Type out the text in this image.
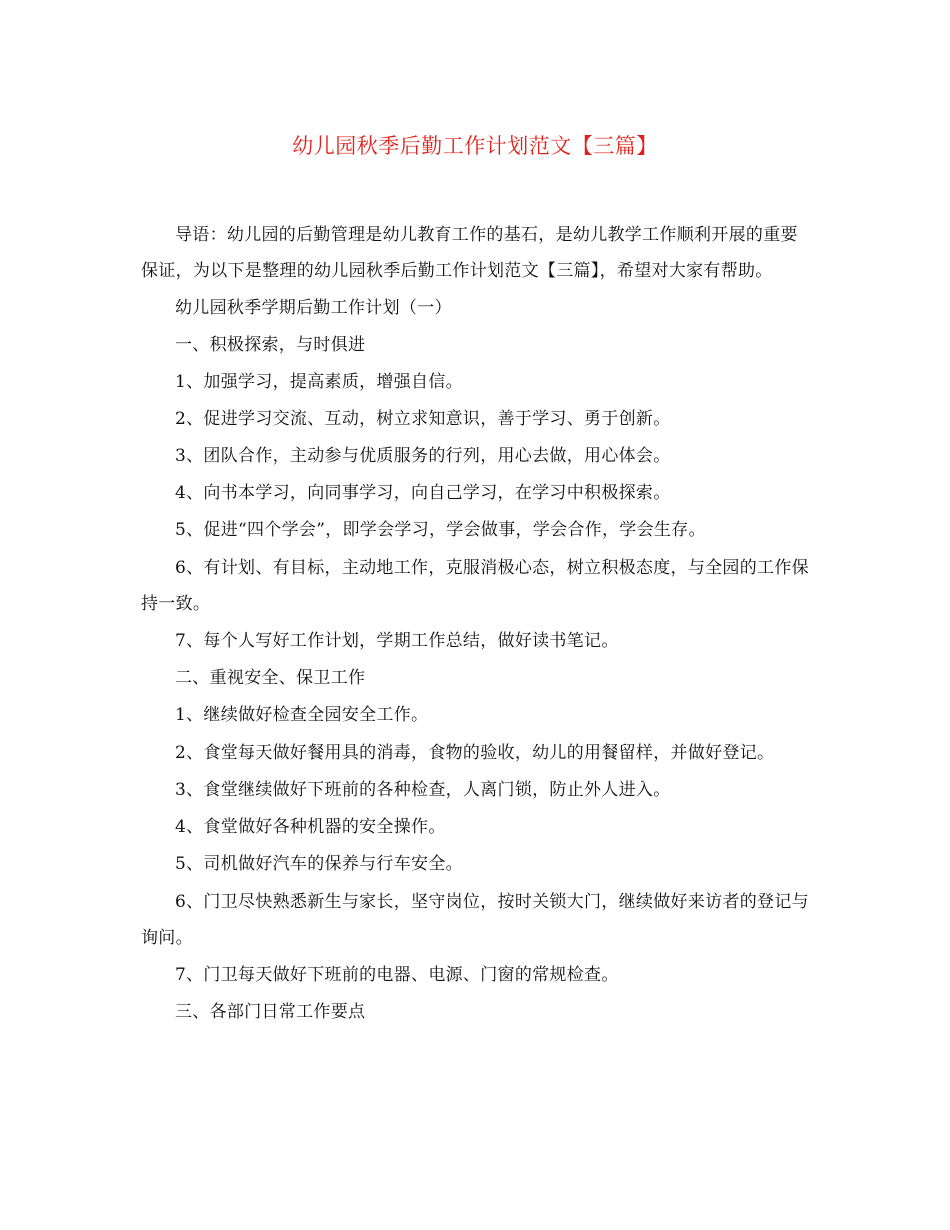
幼儿园秋季后勤工作计划范文【三篇】

导语：幼儿园的后勤管理是幼儿教育工作的基石，是幼儿教学工作顺利开展的重要保证，为以下是整理的幼儿园秋季后勤工作计划范文【三篇】，希望对大家有帮助。

幼儿园秋季学期后勤工作计划（一）

一、积极探索，与时俱进

1、加强学习，提高素质，增强自信。

2、促进学习交流、互动，树立求知意识，善于学习、勇于创新。

3、团队合作，主动参与优质服务的行列，用心去做，用心体会。

4、向书本学习，向同事学习，向自己学习，在学习中积极探索。

5、促进“四个学会”，即学会学习，学会做事，学会合作，学会生存。

6、有计划、有目标，主动地工作，克服消极心态，树立积极态度，与全园的工作保持一致。

7、每个人写好工作计划，学期工作总结，做好读书笔记。

二、重视安全、保卫工作

1、继续做好检查全园安全工作。

2、食堂每天做好餐用具的消毒，食物的验收，幼儿的用餐留样，并做好登记。

3、食堂继续做好下班前的各种检查，人离门锁，防止外人进入。

4、食堂做好各种机器的安全操作。

5、司机做好汽车的保养与行车安全。

6、门卫尽快熟悉新生与家长，坚守岗位，按时关锁大门，继续做好来访者的登记与询问。

7、门卫每天做好下班前的电器、电源、门窗的常规检查。

三、各部门日常工作要点
